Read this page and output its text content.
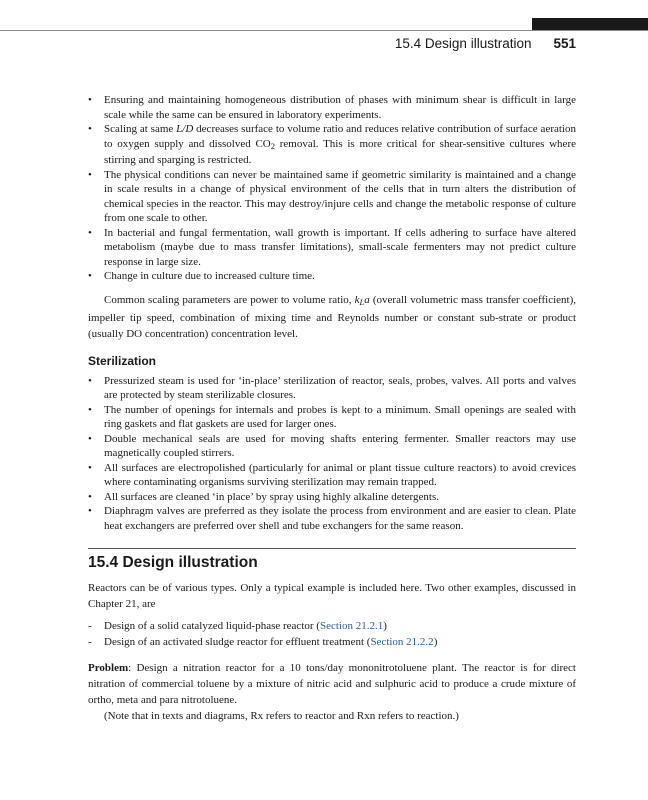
15.4 Design illustration 551
• Ensuring and maintaining homogeneous distribution of phases with minimum shear is difficult in large scale while the same can be ensured in laboratory experiments.
• Scaling at same L/D decreases surface to volume ratio and reduces relative contribution of surface aeration to oxygen supply and dissolved $CO_2$ removal. This is more critical for shear-sensitive cultures where stirring and sparging is restricted.
• The physical conditions can never be maintained same if geometric similarity is maintained and a change in scale results in a change of physical environment of the cells that in turn alters the distribution of chemical species in the reactor. This may destroy/injure cells and change the metabolic response of culture from one scale to other.
• In bacterial and fungal fermentation, wall growth is important. If cells adhering to surface have altered metabolism (maybe due to mass transfer limitations), small-scale fermenters may not predict culture response in large size.
• Change in culture due to increased culture time.

Common scaling parameters are power to volume ratio, $k_La$ (overall volumetric mass transfer coefficient), impeller tip speed, combination of mixing time and Reynolds number or constant sub-strate or product (usually DO concentration) concentration level.

Sterilization
• Pressurized steam is used for ‘in-place’ sterilization of reactor, seals, probes, valves. All ports and valves are protected by steam sterilizable closures.
• The number of openings for internals and probes is kept to a minimum. Small openings are sealed with ring gaskets and flat gaskets are used for larger ones.
• Double mechanical seals are used for moving shafts entering fermenter. Smaller reactors may use magnetically coupled stirrers.
• All surfaces are electropolished (particularly for animal or plant tissue culture reactors) to avoid crevices where contaminating organisms surviving sterilization may remain trapped.
• All surfaces are cleaned ‘in place’ by spray using highly alkaline detergents.
• Diaphragm valves are preferred as they isolate the process from environment and are easier to clean. Plate heat exchangers are preferred over shell and tube exchangers for the same reason.
15.4 Design illustration

Reactors can be of various types. Only a typical example is included here. Two other examples, discussed in Chapter 21, are

- Design of a solid catalyzed liquid-phase reactor (Section 21.2.1)
- Design of an activated sludge reactor for effluent treatment (Section 21.2.2)

Problem: Design a nitration reactor for a 10 tons/day mononitrotoluene plant. The reactor is for direct nitration of commercial toluene by a mixture of nitric acid and sulphuric acid to produce a crude mixture of ortho, meta and para nitrotoluene.

(Note that in texts and diagrams, Rx refers to reactor and Rxn refers to reaction.)
